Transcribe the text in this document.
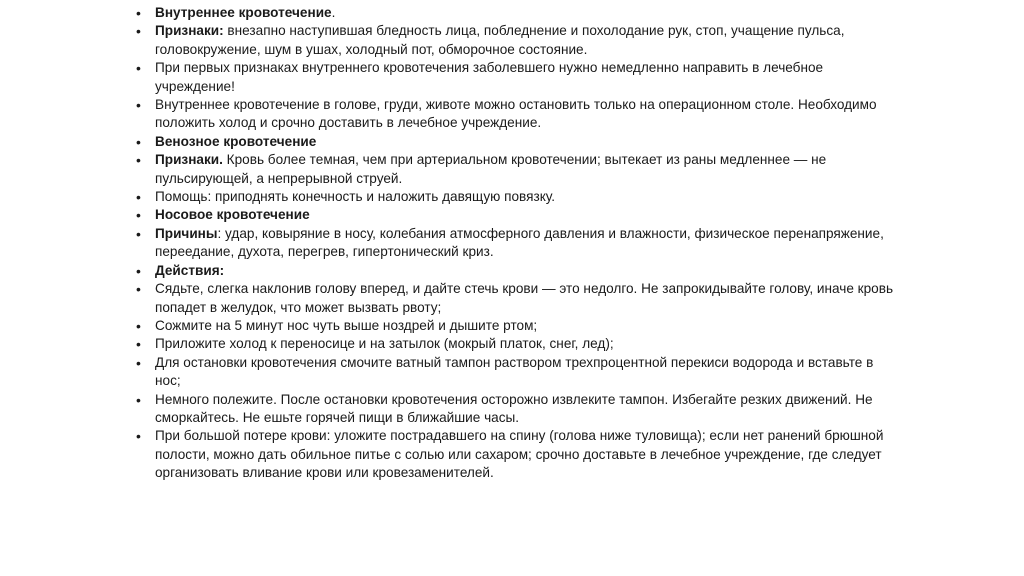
• Внутреннее кровотечение.
• Признаки: внезапно наступившая бледность лица, побледнение и похолодание рук, стоп, учащение пульса, головокружение, шум в ушах, холодный пот, обморочное состояние.
• При первых признаках внутреннего кровотечения заболевшего нужно немедленно направить в лечебное учреждение!
• Внутреннее кровотечение в голове, груди, животе можно остановить только на операционном столе. Необходимо положить холод и срочно доставить в лечебное учреждение.
• Венозное кровотечение
• Признаки. Кровь более темная, чем при артериальном кровотечении; вытекает из раны медленнее — не пульсирующей, а непрерывной струей.
• Помощь: приподнять конечность и наложить давящую повязку.
• Носовое кровотечение
• Причины: удар, ковыряние в носу, колебания атмосферного давления и влажности, физическое перенапряжение, переедание, духота, перегрев, гипертонический криз.
• Действия:
• Сядьте, слегка наклонив голову вперед, и дайте стечь крови — это недолго. Не запрокидывайте голову, иначе кровь попадет в желудок, что может вызвать рвоту;
• Сожмите на 5 минут нос чуть выше ноздрей и дышите ртом;
• Приложите холод к переносице и на затылок (мокрый платок, снег, лед);
• Для остановки кровотечения смочите ватный тампон раствором трехпроцентной перекиси водорода и вставьте в нос;
• Немного полежите. После остановки кровотечения осторожно извлеките тампон. Избегайте резких движений. Не сморкайтесь. Не ешьте горячей пищи в ближайшие часы.
• При большой потере крови: уложите пострадавшего на спину (голова ниже туловища); если нет ранений брюшной полости, можно дать обильное питье с солью или сахаром; срочно доставьте в лечебное учреждение, где следует организовать вливание крови или кровезаменителей.
